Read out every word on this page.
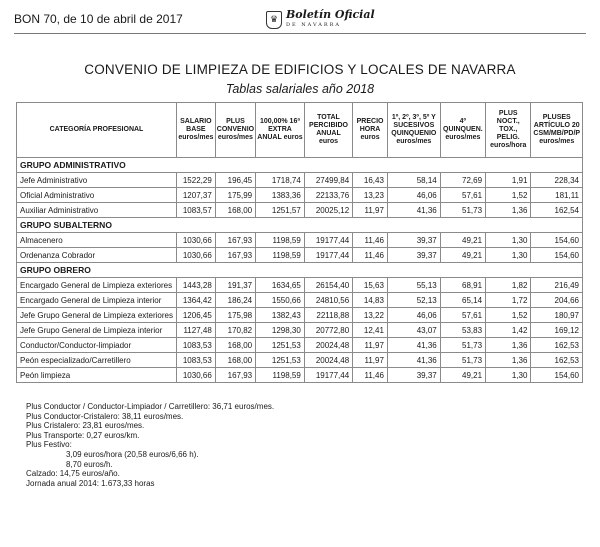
BON 70, de 10 de abril de 2017	♛ Boletín Oficial
DE NAVARRA
CONVENIO DE LIMPIEZA DE EDIFICIOS Y LOCALES DE NAVARRA
Tablas salariales año 2018
CATEGORÍA PROFESIONAL	SALARIO BASE euros/mes	PLUS CONVENIO euros/mes	100,00% 16ª EXTRA ANUAL euros	TOTAL PERCIBIDO ANUAL euros	PRECIO HORA euros	1º, 2º, 3º, 5º Y SUCESIVOS QUINQUENIO euros/mes	4º QUINQUEN. euros/mes	PLUS NOCT., TOX., PELIG. euros/hora	PLUSES ARTÍCULO 20 CSM/MB/PD/P euros/mes
GRUPO ADMINISTRATIVO									
Jefe Administrativo	1522,29	196,45	1718,74	27499,84	16,43	58,14	72,69	1,91	228,34
Oficial Administrativo	1207,37	175,99	1383,36	22133,76	13,23	46,06	57,61	1,52	181,11
Auxiliar Administrativo	1083,57	168,00	1251,57	20025,12	11,97	41,36	51,73	1,36	162,54
GRUPO SUBALTERNO									
Almacenero	1030,66	167,93	1198,59	19177,44	11,46	39,37	49,21	1,30	154,60
Ordenanza Cobrador	1030,66	167,93	1198,59	19177,44	11,46	39,37	49,21	1,30	154,60
GRUPO OBRERO									
Encargado General de Limpieza exteriores	1443,28	191,37	1634,65	26154,40	15,63	55,13	68,91	1,82	216,49
Encargado General de Limpieza interior	1364,42	186,24	1550,66	24810,56	14,83	52,13	65,14	1,72	204,66
Jefe Grupo General de Limpieza exteriores	1206,45	175,98	1382,43	22118,88	13,22	46,06	57,61	1,52	180,97
Jefe Grupo General de Limpieza interior	1127,48	170,82	1298,30	20772,80	12,41	43,07	53,83	1,42	169,12
Conductor/Conductor-limpiador	1083,53	168,00	1251,53	20024,48	11,97	41,36	51,73	1,36	162,53
Peón especializado/Carretillero	1083,53	168,00	1251,53	20024,48	11,97	41,36	51,73	1,36	162,53
Peón limpieza	1030,66	167,93	1198,59	19177,44	11,46	39,37	49,21	1,30	154,60
Plus Conductor / Conductor-Limpiador / Carretillero: 36,71 euros/mes.
Plus Conductor-Cristalero: 38,11 euros/mes.
Plus Cristalero: 23,81 euros/mes.
Plus Transporte: 0,27 euros/km.
Plus Festivo:
3,09 euros/hora (20,58 euros/6,66 h).
8,70 euros/h.
Calzado: 14,75 euros/año.
Jornada anual 2014: 1.673,33 horas
